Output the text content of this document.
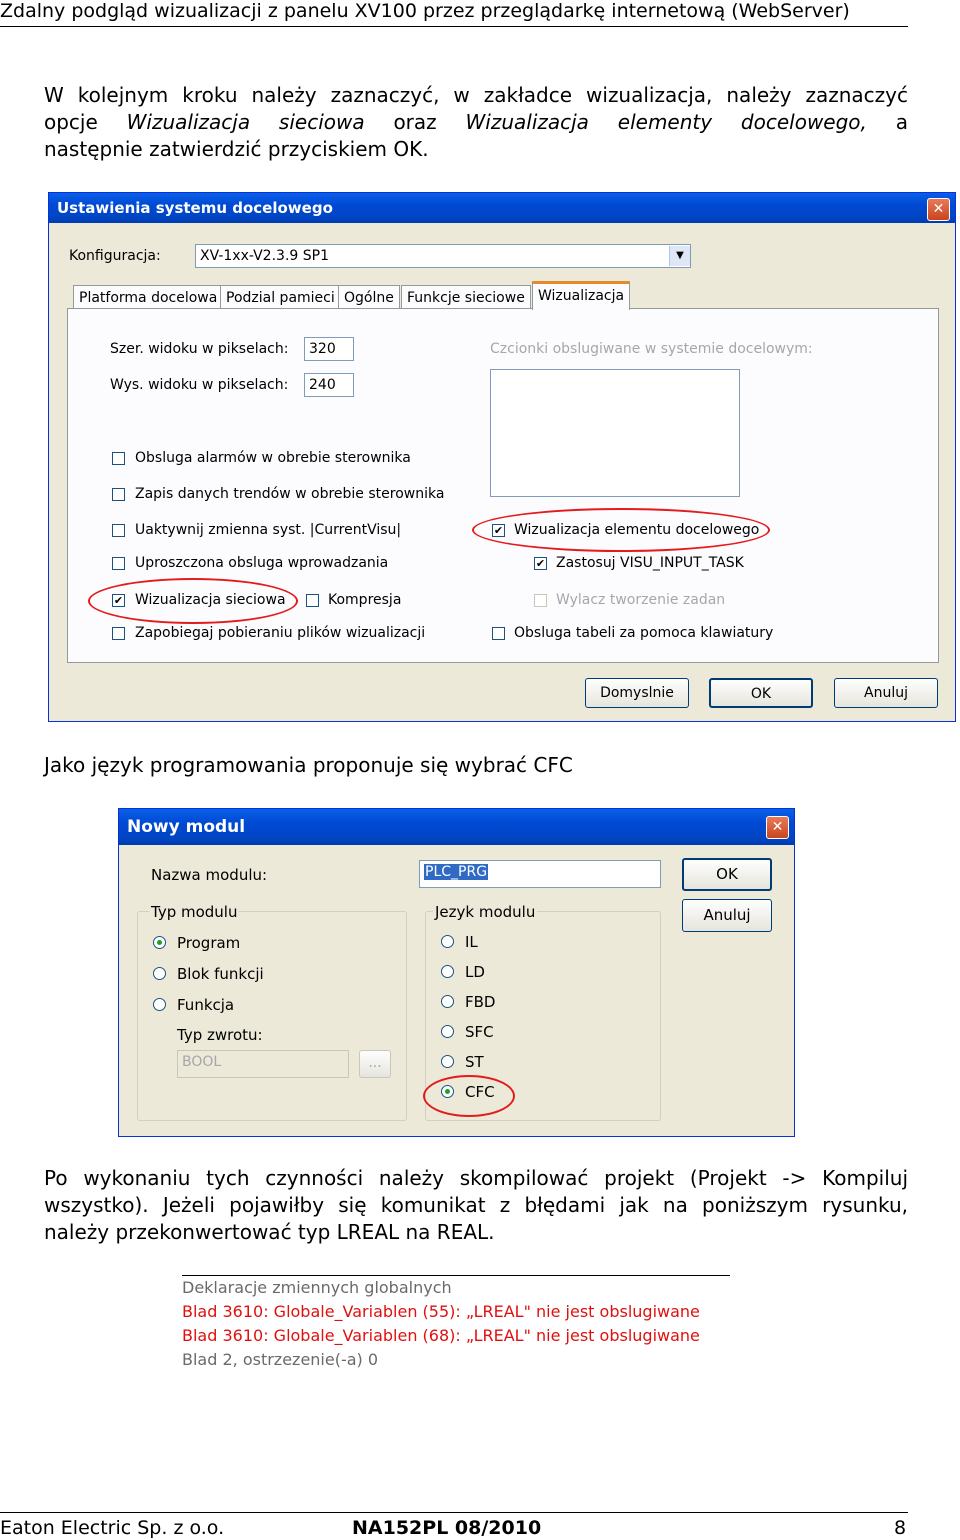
Zdalny podgląd wizualizacji z panelu XV100 przez przeglądarkę internetową (WebServer)
W kolejnym kroku należy zaznaczyć, w zakładce wizualizacja, należy zaznaczyć
opcje Wizualizacja sieciowa oraz Wizualizacja elementy docelowego, a
następnie zatwierdzić przyciskiem OK.
Ustawienia systemu docelowego	✕
Konfiguracja:	XV-1xx-V2.3.9 SP1	▼
Platforma docelowa Podzial pamieci Ogólne Funkcje sieciowe Wizualizacja
Szer. widoku w pikselach:	320
Wys. widoku w pikselach:	240
Czcionki obslugiwane w systemie docelowym:
Obsluga alarmów w obrebie sterownika
Zapis danych trendów w obrebie sterownika
Uaktywnij zmienna syst. |CurrentVisu|
Uproszczona obsluga wprowadzania
✔ Wizualizacja sieciowa	Kompresja
Zapobiegaj pobieraniu plików wizualizacji
✔ Wizualizacja elementu docelowego
✔ Zastosuj VISU_INPUT_TASK
Wylacz tworzenie zadan
Obsluga tabeli za pomoca klawiatury
Domyslnie	OK	Anuluj
Jako język programowania proponuje się wybrać CFC
Nowy modul	✕
Nazwa modulu:	PLC_PRG	OK
Anuluj
Typ modulu
Program
Blok funkcji
Funkcja
Typ zwrotu:
BOOL	...
Jezyk modulu
IL
LD
FBD
SFC
ST
CFC
Po wykonaniu tych czynności należy skompilować projekt (Projekt -> Kompiluj
wszystko). Jeżeli pojawiłby się komunikat z błędami jak na poniższym rysunku,
należy przekonwertować typ LREAL na REAL.
Deklaracje zmiennych globalnych
Blad 3610: Globale_Variablen (55): „LREAL" nie jest obslugiwane
Blad 3610: Globale_Variablen (68): „LREAL" nie jest obslugiwane
Blad 2, ostrzezenie(-a) 0
Eaton Electric Sp. z o.o.	NA152PL 08/2010	8
